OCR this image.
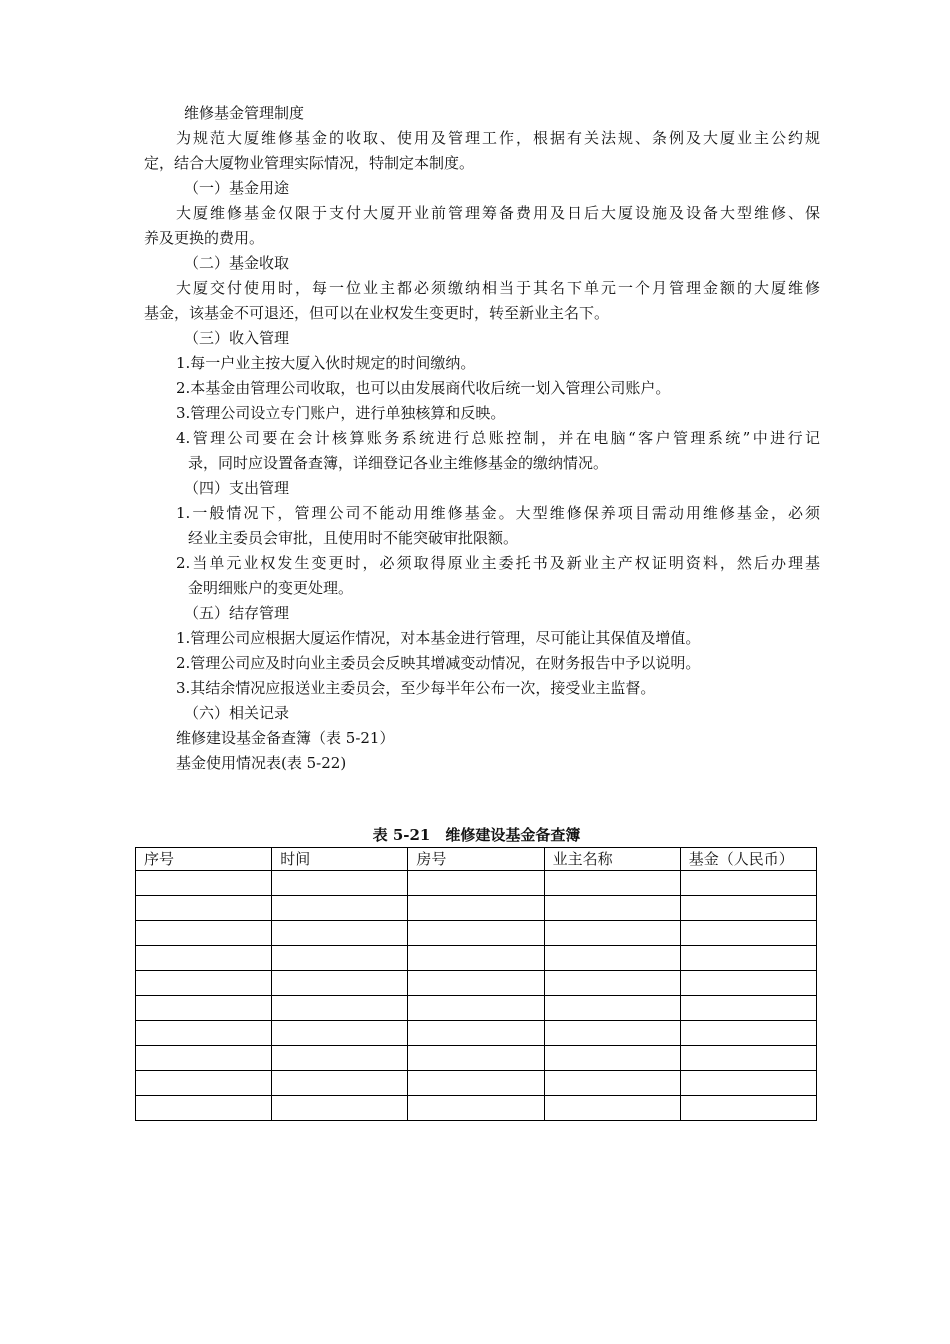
维修基金管理制度
为规范大厦维修基金的收取、使用及管理工作，根据有关法规、条例及大厦业主公约规
定，结合大厦物业管理实际情况，特制定本制度。
（一）基金用途
大厦维修基金仅限于支付大厦开业前管理筹备费用及日后大厦设施及设备大型维修、保
养及更换的费用。
（二）基金收取
大厦交付使用时，每一位业主都必须缴纳相当于其名下单元一个月管理金额的大厦维修
基金，该基金不可退还，但可以在业权发生变更时，转至新业主名下。
（三）收入管理
1.每一户业主按大厦入伙时规定的时间缴纳。
2.本基金由管理公司收取，也可以由发展商代收后统一划入管理公司账户。
3.管理公司设立专门账户，进行单独核算和反映。
4.管理公司要在会计核算账务系统进行总账控制，并在电脑“客户管理系统”中进行记
录，同时应设置备查簿，详细登记各业主维修基金的缴纳情况。
（四）支出管理
1.一般情况下，管理公司不能动用维修基金。大型维修保养项目需动用维修基金，必须
经业主委员会审批，且使用时不能突破审批限额。
2.当单元业权发生变更时，必须取得原业主委托书及新业主产权证明资料，然后办理基
金明细账户的变更处理。
（五）结存管理
1.管理公司应根据大厦运作情况，对本基金进行管理，尽可能让其保值及增值。
2.管理公司应及时向业主委员会反映其增减变动情况，在财务报告中予以说明。
3.其结余情况应报送业主委员会，至少每半年公布一次，接受业主监督。
（六）相关记录
维修建设基金备查簿（表 5-21）
基金使用情况表(表 5-22)
表 5-21　维修建设基金备查簿
序号	时间	房号	业主名称	基金（人民币）
